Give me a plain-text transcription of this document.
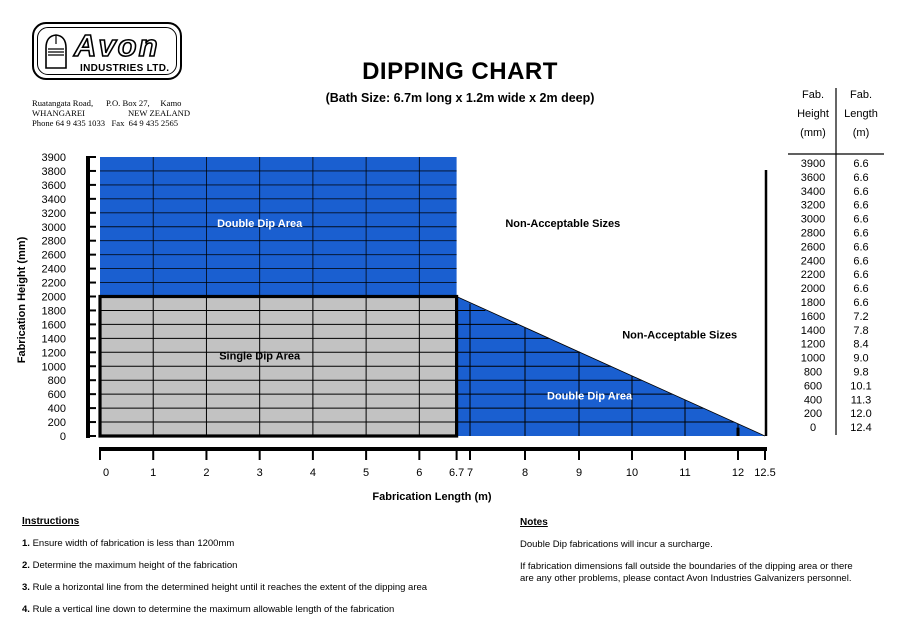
Avon
INDUSTRIES LTD.
Ruatangata Road,      P.O. Box 27,     Kamo
WHANGAREI                    NEW ZEALAND
Phone 64 9 435 1033   Fax  64 9 435 2565
DIPPING CHART
(Bath Size: 6.7m long x 1.2m wide x 2m deep)
0
200
400
600
800
1000
1200
1400
1600
1800
2000
2200
2400
2600
2800
3000
3200
3400
3600
3800
3900
0	1	2	3	4	5	6 6.7 7	8	9	10	11	12 12.5
Fabrication Length (m)
Fabrication Height (mm)
Double Dip Area
Single Dip Area
Double Dip Area
Non-Acceptable Sizes
Non-Acceptable Sizes
Fab.
Height
(mm)
Fab.
Length
(m)
3900	6.6
3600	6.6
3400	6.6
3200	6.6
3000	6.6
2800	6.6
2600	6.6
2400	6.6
2200	6.6
2000	6.6
1800	6.6
1600	7.2
1400	7.8
1200	8.4
1000	9.0
800	9.8
600	10.1
400	11.3
200	12.0
0	12.4
Instructions
1. Ensure width of fabrication is less than 1200mm
2. Determine the maximum height of the fabrication
3. Rule a horizontal line from the determined height until it reaches the extent of the dipping area
4. Rule a vertical line down to determine the maximum allowable length of the fabrication
Notes
Double Dip fabrications will incur a surcharge.
If fabrication dimensions fall outside the boundaries of the dipping area or there
are any other problems, please contact Avon Industries Galvanizers personnel.
